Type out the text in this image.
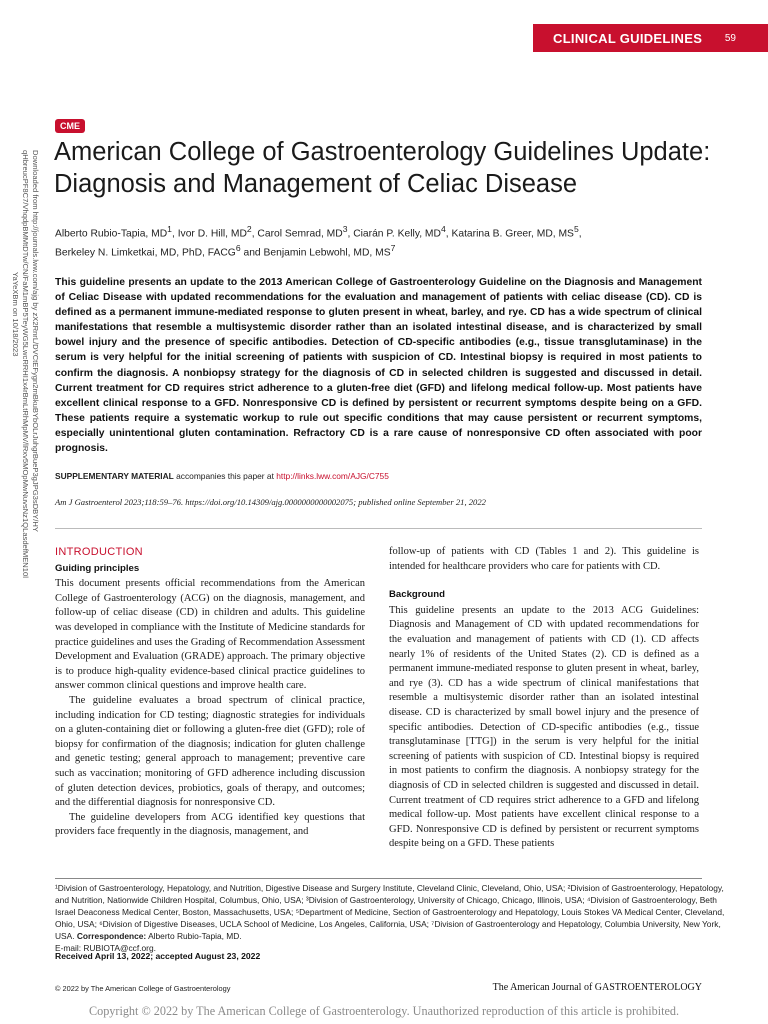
CLINICAL GUIDELINES 59
Downloaded from http://journals.lww.com/ajg by zX2RnrL/DVCtEFygn2mBkuBYbOLrJuhgrBueP3gJPG3sDBY/HY
qHbreucPF8C7/VhqdpBMMtDTw/CN/FaM1mBP5TeyWG5LwcRRHI1x4rBmLtRhMpMV/lRxv5MOpMwNuvsNz1QLasdefMEN10l
YaYeXBm on 10/18/2023
CME
American College of Gastroenterology Guidelines Update: Diagnosis and Management of Celiac Disease
Alberto Rubio-Tapia, $MD^1$, Ivor D. Hill, $MD^2$, Carol Semrad, $MD^3$, Ciarán P. Kelly, $MD^4$, Katarina B. Greer, MD, $MS^5$,
Berkeley N. Limketkai, MD, PhD, FACG$^6$ and Benjamin Lebwohl, MD, $MS^7$
This guideline presents an update to the 2013 American College of Gastroenterology Guideline on the Diagnosis and Management of Celiac Disease with updated recommendations for the evaluation and management of patients with celiac disease (CD). CD is defined as a permanent immune-mediated response to gluten present in wheat, barley, and rye. CD has a wide spectrum of clinical manifestations that resemble a multisystemic disorder rather than an isolated intestinal disease, and is characterized by small bowel injury and the presence of specific antibodies. Detection of CD-specific antibodies (e.g., tissue transglutaminase) in the serum is very helpful for the initial screening of patients with suspicion of CD. Intestinal biopsy is required in most patients to confirm the diagnosis. A nonbiopsy strategy for the diagnosis of CD in selected children is suggested and discussed in detail. Current treatment for CD requires strict adherence to a gluten-free diet (GFD) and lifelong medical follow-up. Most patients have excellent clinical response to a GFD. Nonresponsive CD is defined by persistent or recurrent symptoms despite being on a GFD. These patients require a systematic workup to rule out specific conditions that may cause persistent or recurrent symptoms, especially unintentional gluten contamination. Refractory CD is a rare cause of nonresponsive CD often associated with poor prognosis.
SUPPLEMENTARY MATERIAL accompanies this paper at http://links.lww.com/AJG/C755
Am J Gastroenterol 2023;118:59–76. https://doi.org/10.14309/ajg.0000000000002075; published online September 21, 2022
INTRODUCTION
Guiding principles

This document presents official recommendations from the American College of Gastroenterology (ACG) on the diagnosis, management, and follow-up of celiac disease (CD) in children and adults. This guideline was developed in compliance with the Institute of Medicine standards for practice guidelines and uses the Grading of Recommendation Assessment Development and Evaluation (GRADE) approach. The primary objective is to produce high-quality evidence-based clinical practice guidelines to answer common clinical questions and improve health care.

The guideline evaluates a broad spectrum of clinical practice, including indication for CD testing; diagnostic strategies for individuals on a gluten-containing diet or following a gluten-free diet (GFD); role of biopsy for confirmation of the diagnosis; indication for gluten challenge and genetic testing; general approach to management; preventive care such as vaccination; monitoring of GFD adherence including discussion of gluten detection devices, probiotics, goals of therapy, and outcomes; and the differential diagnosis for nonresponsive CD.

The guideline developers from ACG identified key questions that providers face frequently in the diagnosis, management, and

follow-up of patients with CD (Tables 1 and 2). This guideline is intended for healthcare providers who care for patients with CD.

Background

This guideline presents an update to the 2013 ACG Guidelines: Diagnosis and Management of CD with updated recommendations for the evaluation and management of patients with CD (1). CD affects nearly 1% of residents of the United States (2). CD is defined as a permanent immune-mediated response to gluten present in wheat, barley, and rye (3). CD has a wide spectrum of clinical manifestations that resemble a multisystemic disorder rather than an isolated intestinal disease. CD is characterized by small bowel injury and the presence of specific antibodies. Detection of CD-specific antibodies (e.g., tissue transglutaminase [TTG]) in the serum is very helpful for the initial screening of patients with suspicion of CD. Intestinal biopsy is required in most patients to confirm the diagnosis. A nonbiopsy strategy for the diagnosis of CD in selected children is suggested and discussed in detail. Current treatment of CD requires strict adherence to a GFD and lifelong medical follow-up. Most patients have excellent clinical response to a GFD. Nonresponsive CD is defined by persistent or recurrent symptoms despite being on a GFD. These patients

¹Division of Gastroenterology, Hepatology, and Nutrition, Digestive Disease and Surgery Institute, Cleveland Clinic, Cleveland, Ohio, USA; ²Division of Gastroenterology, Hepatology, and Nutrition, Nationwide Children Hospital, Columbus, Ohio, USA; ³Division of Gastroenterology, University of Chicago, Chicago, Illinois, USA; ⁴Division of Gastroenterology, Beth Israel Deaconess Medical Center, Boston, Massachusetts, USA; ⁵Department of Medicine, Section of Gastroenterology and Hepatology, Louis Stokes VA Medical Center, Cleveland, Ohio, USA; ⁶Division of Digestive Diseases, UCLA School of Medicine, Los Angeles, California, USA; ⁷Division of Gastroenterology and Hepatology, Columbia University, New York, USA. Correspondence: Alberto Rubio-Tapia, MD.
E-mail: RUBIOTA@ccf.org.
Received April 13, 2022; accepted August 23, 2022
© 2022 by The American College of Gastroenterology	The American Journal of GASTROENTEROLOGY
Copyright © 2022 by The American College of Gastroenterology. Unauthorized reproduction of this article is prohibited.
